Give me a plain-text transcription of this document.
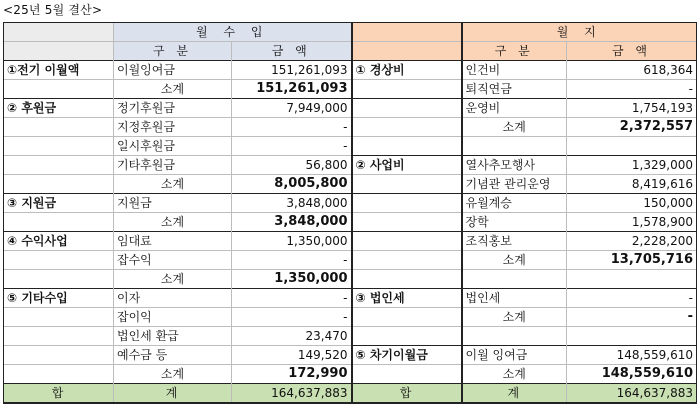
<25년 5월 결산>
	월 수 입			월 지	
	구 분	금 액		구 분	금 액
①전기 이월액	이월잉여금	151,261,093	① 경상비	인건비	618,364
	소계	151,261,093		퇴직연금	-
② 후원금	정기후원금	7,949,000		운영비	1,754,193
	지정후원금	-		소계	2,372,557
	일시후원금	-			
	기타후원금	56,800	② 사업비	열사추모행사	1,329,000
	소계	8,005,800		기념관 관리운영	8,419,616
③ 지원금	지원금	3,848,000		유월계승	150,000
	소계	3,848,000		장학	1,578,900
④ 수익사업	임대료	1,350,000		조직홍보	2,228,200
	잡수익	-		소계	13,705,716
	소계	1,350,000			
⑤ 기타수입	이자	-	③ 법인세	법인세	-
	잡이익	-		소계	-
	법인세 환급	23,470			
	예수금 등	149,520	⑤ 차기이월금	이월 잉여금	148,559,610
	소계	172,990		소계	148,559,610
합	계	164,637,883	합	계	164,637,883
